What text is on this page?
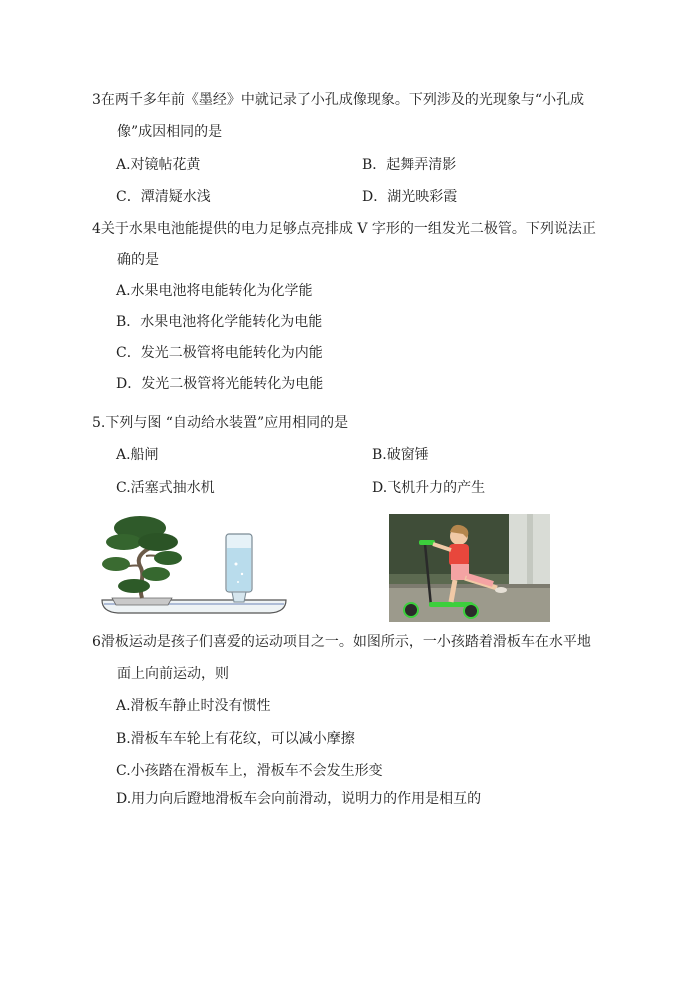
3在两千多年前《墨经》中就记录了小孔成像现象。下列涉及的光现象与“小孔成
像”成因相同的是
A.对镜帖花黄	B．起舞弄清影
C．潭清疑水浅	D．湖光映彩霞
4关于水果电池能提供的电力足够点亮排成 V 字形的一组发光二极管。下列说法正
确的是
A.水果电池将电能转化为化学能
B．水果电池将化学能转化为电能
C．发光二极管将电能转化为内能
D．发光二极管将光能转化为电能
5.下列与图 “自动给水装置”应用相同的是
A.船闸	B.破窗锤
C.活塞式抽水机	D.飞机升力的产生
6滑板运动是孩子们喜爱的运动项目之一。如图所示，一小孩踏着滑板车在水平地
面上向前运动，则
A.滑板车静止时没有惯性
B.滑板车车轮上有花纹，可以减小摩擦
C.小孩踏在滑板车上，滑板车不会发生形变
D.用力向后蹬地滑板车会向前滑动，说明力的作用是相互的
